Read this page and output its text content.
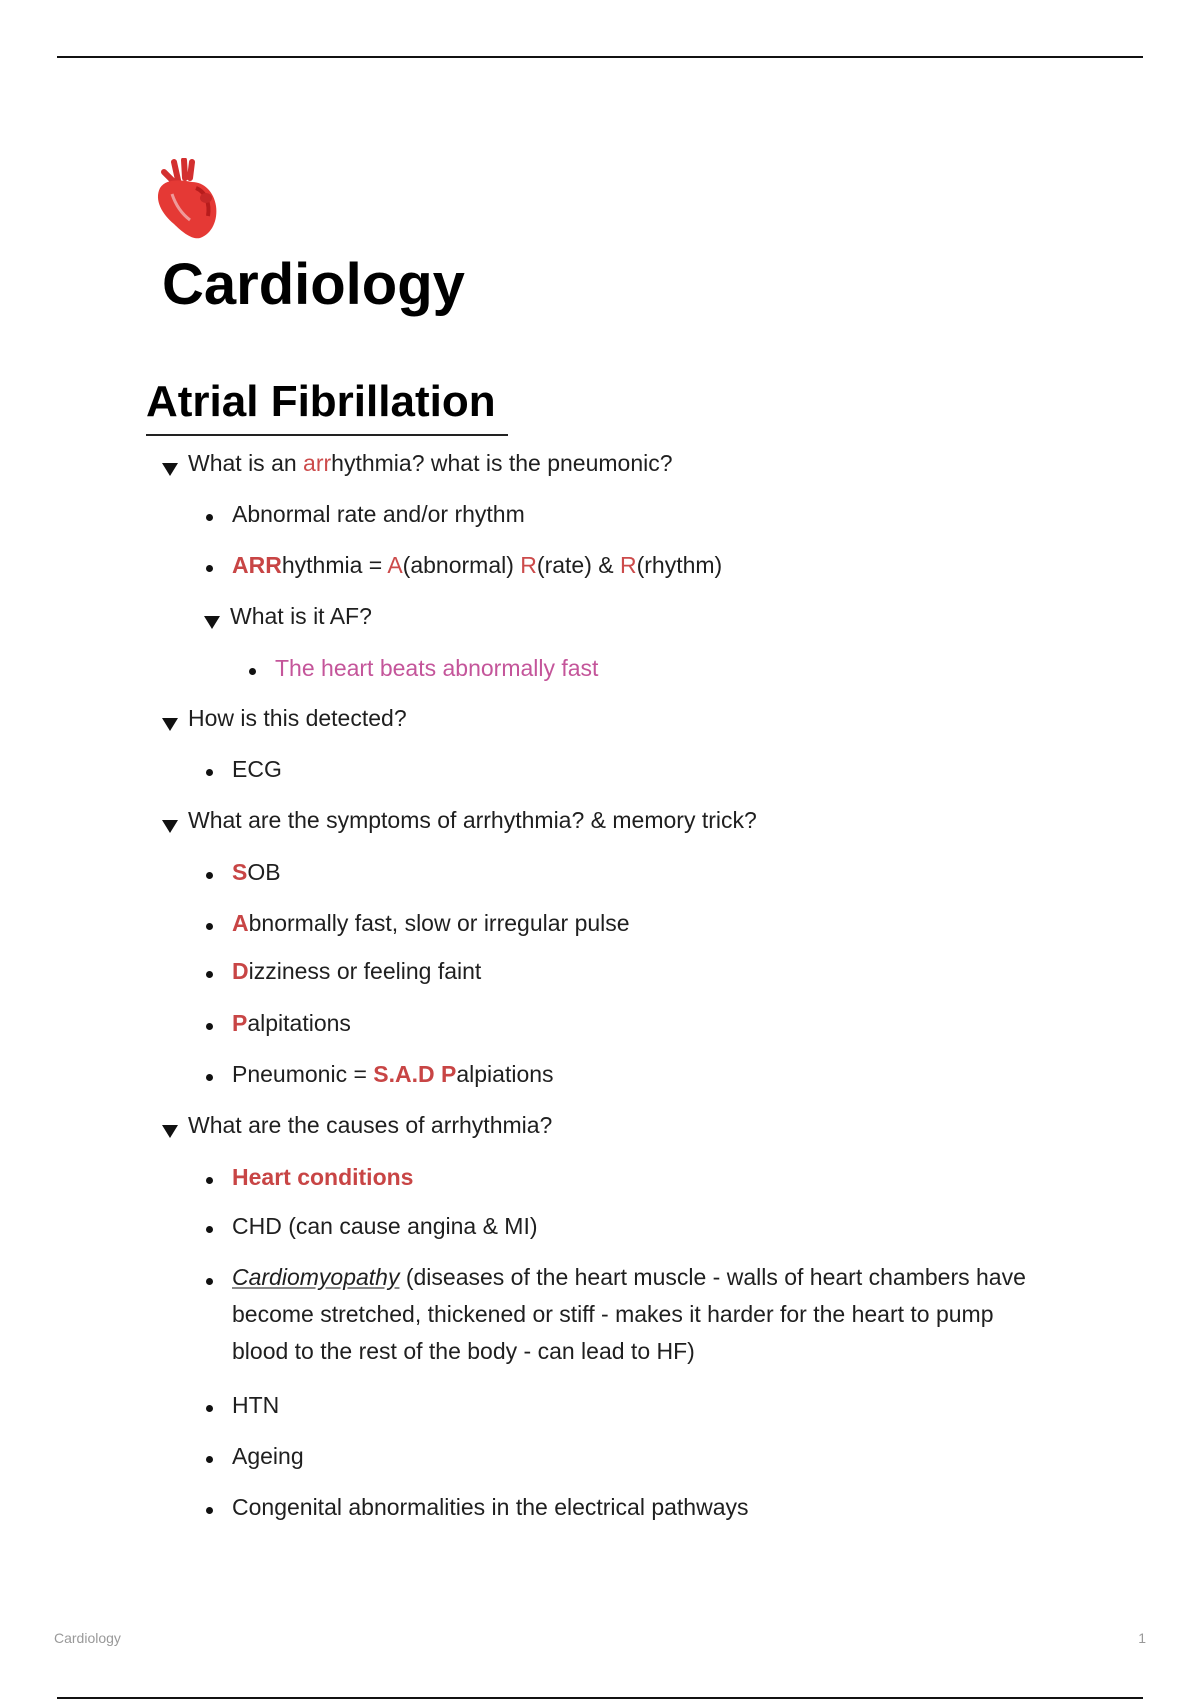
Cardiology
Atrial Fibrillation
What is an arrhythmia? what is the pneumonic?
Abnormal rate and/or rhythm
ARRhythmia = A(abnormal) R(rate) & R(rhythm)
What is it AF?
The heart beats abnormally fast
How is this detected?
ECG
What are the symptoms of arrhythmia? & memory trick?
SOB
Abnormally fast, slow or irregular pulse
Dizziness or feeling faint
Palpitations
Pneumonic = S.A.D Palpiations
What are the causes of arrhythmia?
Heart conditions
CHD (can cause angina & MI)
Cardiomyopathy (diseases of the heart muscle - walls of heart chambers have become stretched, thickened or stiff - makes it harder for the heart to pump blood to the rest of the body - can lead to HF)
HTN
Ageing
Congenital abnormalities in the electrical pathways
Cardiology	1
